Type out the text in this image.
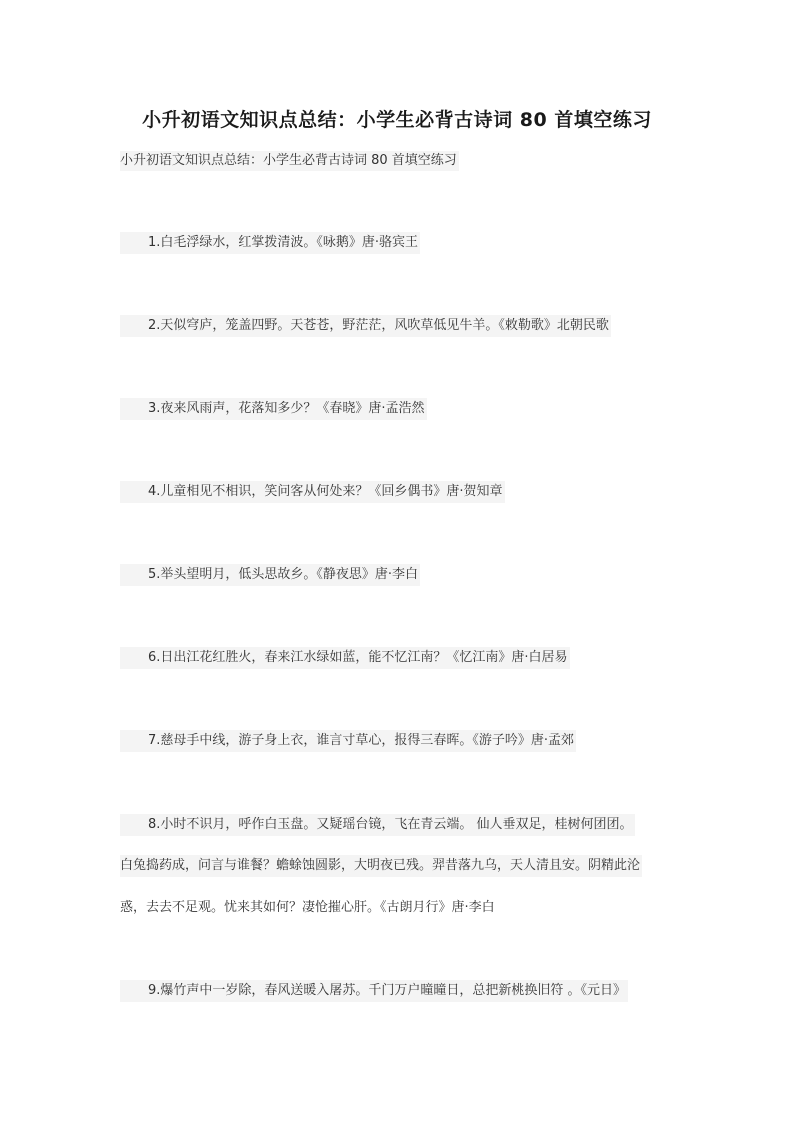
小升初语文知识点总结：小学生必背古诗词 80 首填空练习
小升初语文知识点总结：小学生必背古诗词 80 首填空练习
1.白毛浮绿水，红掌拨清波。《咏鹅》唐·骆宾王
2.天似穹庐，笼盖四野。天苍苍，野茫茫，风吹草低见牛羊。《敕勒歌》北朝民歌
3.夜来风雨声，花落知多少？《春晓》唐·孟浩然
4.儿童相见不相识，笑问客从何处来？《回乡偶书》唐·贺知章
5.举头望明月，低头思故乡。《静夜思》唐·李白
6.日出江花红胜火，春来江水绿如蓝，能不忆江南？《忆江南》唐·白居易
7.慈母手中线，游子身上衣，谁言寸草心，报得三春晖。《游子吟》唐·孟郊
8.小时不识月，呼作白玉盘。又疑瑶台镜，飞在青云端。 仙人垂双足，桂树何团团。
白兔捣药成，问言与谁餐？蟾蜍蚀圆影，大明夜已残。羿昔落九乌，天人清且安。阴精此沦
惑，去去不足观。忧来其如何？凄怆摧心肝。《古朗月行》唐·李白
9.爆竹声中一岁除，春风送暖入屠苏。千门万户曈曈日，总把新桃换旧符 。《元日》
